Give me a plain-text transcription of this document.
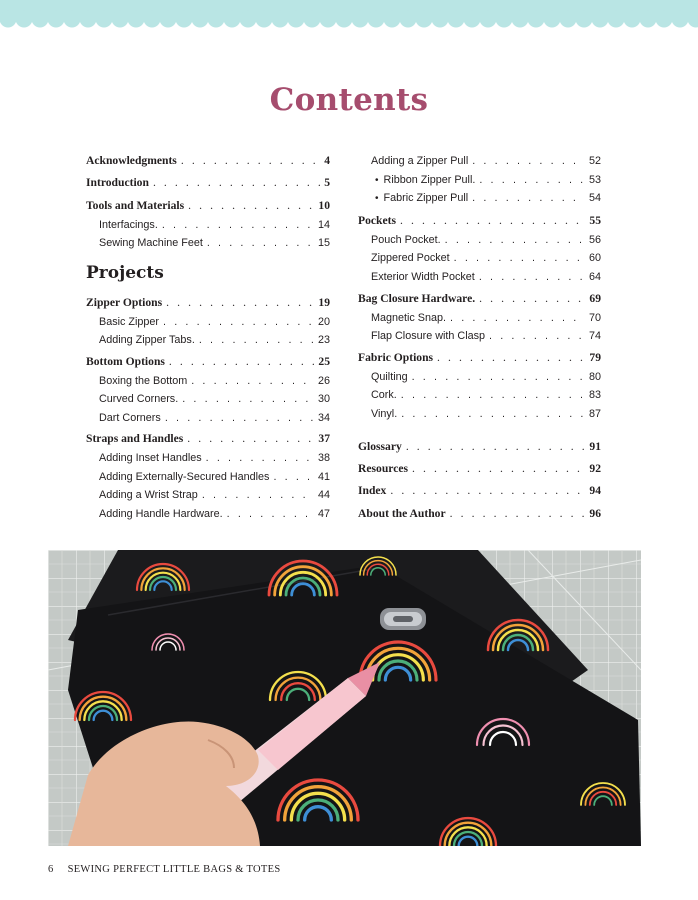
Contents
Acknowledgments . . .	4
Introduction . . .	5
Tools and Materials . . .	10
Interfacings. . . .	14
Sewing Machine Feet . . .	15
Zipper Options . . .	19
Basic Zipper . . .	20
Adding Zipper Tabs. . . .	23
Bottom Options . . .	25
Boxing the Bottom . . .	26
Curved Corners. . . .	30
Dart Corners . . .	34
Straps and Handles . . .	37
Adding Inset Handles . . .	38
Adding Externally-Secured Handles . . .	41
Adding a Wrist Strap . . .	44
Adding Handle Hardware. . . .	47
Projects
Adding a Zipper Pull . . .	52
• Ribbon Zipper Pull. . . .	53
• Fabric Zipper Pull . . .	54
Pockets . . .	55
Pouch Pocket. . . .	56
Zippered Pocket . . .	60
Exterior Width Pocket . . .	64
Bag Closure Hardware. . . .	69
Magnetic Snap. . . .	70
Flap Closure with Clasp . . .	74
Fabric Options . . .	79
Quilting . . .	80
Cork. . . .	83
Vinyl. . . .	87
Glossary . . .	91
Resources . . .	92
Index . . .	94
About the Author . . .	96
6 SEWING PERFECT LITTLE BAGS & TOTES
